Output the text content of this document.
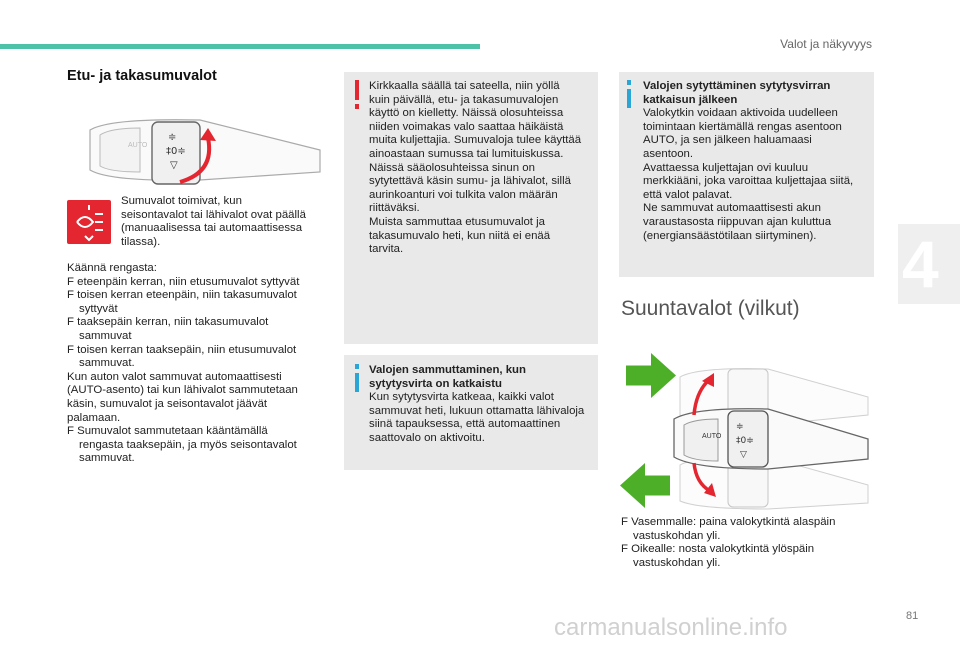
Valot ja näkyvyys
Etu- ja takasumuvalot
AUTO
≑
‡0≑
▽
Sumuvalot toimivat, kun
seisontavalot tai lähivalot ovat päällä
(manuaalisessa tai automaattisessa
tilassa).
Käännä rengasta:
F eteenpäin kerran, niin etusumuvalot syttyvät
F toisen kerran eteenpäin, niin takasumuvalot
syttyvät
F taaksepäin kerran, niin takasumuvalot
sammuvat
F toisen kerran taaksepäin, niin etusumuvalot
sammuvat.
Kun auton valot sammuvat automaattisesti
(AUTO-asento) tai kun lähivalot sammutetaan
käsin, sumuvalot ja seisontavalot jäävät
palamaan.
F Sumuvalot sammutetaan kääntämällä
rengasta taaksepäin, ja myös seisontavalot
sammuvat.
Kirkkaalla säällä tai sateella, niin yöllä
kuin päivällä, etu- ja takasumuvalojen
käyttö on kielletty. Näissä olosuhteissa
niiden voimakas valo saattaa häikäistä
muita kuljettajia. Sumuvaloja tulee käyttää
ainoastaan sumussa tai lumituiskussa.
Näissä sääolosuhteissa sinun on
sytytettävä käsin sumu- ja lähivalot, sillä
aurinkoanturi voi tulkita valon määrän
riittäväksi.
Muista sammuttaa etusumuvalot ja
takasumuvalo heti, kun niitä ei enää
tarvita.
Valojen sammuttaminen, kun
sytytysvirta on katkaistu
Kun sytytysvirta katkeaa, kaikki valot
sammuvat heti, lukuun ottamatta lähivaloja
siinä tapauksessa, että automaattinen
saattovalo on aktivoitu.
Valojen sytyttäminen sytytysvirran
katkaisun jälkeen
Valokytkin voidaan aktivoida uudelleen
toimintaan kiertämällä rengas asentoon
AUTO, ja sen jälkeen haluamaasi
asentoon.
Avattaessa kuljettajan ovi kuuluu
merkkiääni, joka varoittaa kuljettajaa siitä,
että valot palavat.
Ne sammuvat automaattisesti akun
varaustasosta riippuvan ajan kuluttua
(energiansäästötilaan siirtyminen).	4
Suuntavalot (vilkut)
AUTO
≑
‡0≑
▽
F Vasemmalle: paina valokytkintä alaspäin
vastuskohdan yli.
F Oikealle: nosta valokytkintä ylöspäin
vastuskohdan yli.
carmanualsonline.info	81
